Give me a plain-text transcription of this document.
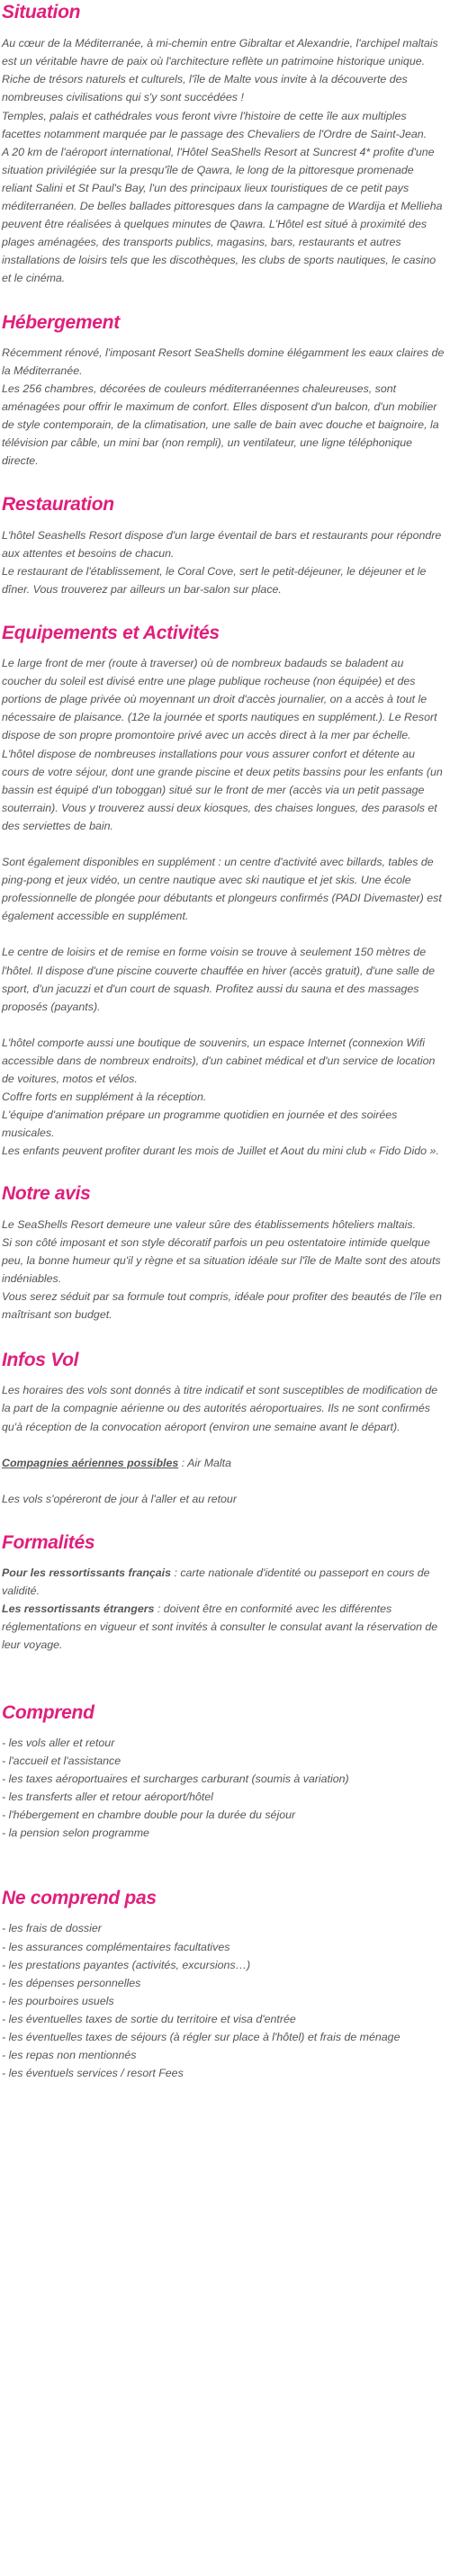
Situation

Au cœur de la Méditerranée, à mi-chemin entre Gibraltar et Alexandrie, l'archipel maltais est un véritable havre de paix où l'architecture reflète un patrimoine historique unique.

Riche de trésors naturels et culturels, l'île de Malte vous invite à la découverte des nombreuses civilisations qui s'y sont succédées !

Temples, palais et cathédrales vous feront vivre l'histoire de cette île aux multiples facettes notamment marquée par le passage des Chevaliers de l'Ordre de Saint-Jean.

A 20 km de l'aéroport international, l'Hôtel SeaShells Resort at Suncrest 4* profite d'une situation privilégiée sur la presqu'île de Qawra, le long de la pittoresque promenade reliant Salini et St Paul's Bay, l'un des principaux lieux touristiques de ce petit pays méditerranéen. De belles ballades pittoresques dans la campagne de Wardija et Mellieha peuvent être réalisées à quelques minutes de Qawra. L'Hôtel est situé à proximité des plages aménagées, des transports publics, magasins, bars, restaurants et autres installations de loisirs tels que les discothèques, les clubs de sports nautiques, le casino et le cinéma.

Hébergement

Récemment rénové, l'imposant Resort SeaShells domine élégamment les eaux claires de la Méditerranée.

Les 256 chambres, décorées de couleurs méditerranéennes chaleureuses, sont aménagées pour offrir le maximum de confort. Elles disposent d'un balcon, d'un mobilier de style contemporain, de la climatisation, une salle de bain avec douche et baignoire, la télévision par câble, un mini bar (non rempli), un ventilateur, une ligne téléphonique directe.

Restauration

L'hôtel Seashells Resort dispose d'un large éventail de bars et restaurants pour répondre aux attentes et besoins de chacun.

Le restaurant de l'établissement, le Coral Cove, sert le petit-déjeuner, le déjeuner et le dîner. Vous trouverez par ailleurs un bar-salon sur place.

Equipements et Activités

Le large front de mer (route à traverser) où de nombreux badauds se baladent au coucher du soleil est divisé entre une plage publique rocheuse (non équipée) et des portions de plage privée où moyennant un droit d'accès journalier, on a accès à tout le nécessaire de plaisance. (12e la journée et sports nautiques en supplément.). Le Resort dispose de son propre promontoire privé avec un accès direct à la mer par échelle.

L'hôtel dispose de nombreuses installations pour vous assurer confort et détente au cours de votre séjour, dont une grande piscine et deux petits bassins pour les enfants (un bassin est équipé d'un toboggan) situé sur le front de mer (accès via un petit passage souterrain). Vous y trouverez aussi deux kiosques, des chaises longues, des parasols et des serviettes de bain.

Sont également disponibles en supplément : un centre d'activité avec billards, tables de ping-pong et jeux vidéo, un centre nautique avec ski nautique et jet skis. Une école professionnelle de plongée pour débutants et plongeurs confirmés (PADI Divemaster) est également accessible en supplément.

Le centre de loisirs et de remise en forme voisin se trouve à seulement 150 mètres de l'hôtel. Il dispose d'une piscine couverte chauffée en hiver (accès gratuit), d'une salle de sport, d'un jacuzzi et d'un court de squash. Profitez aussi du sauna et des massages proposés (payants).

L'hôtel comporte aussi une boutique de souvenirs, un espace Internet (connexion Wifi accessible dans de nombreux endroits), d'un cabinet médical et d'un service de location de voitures, motos et vélos.

Coffre forts en supplément à la réception.

L'équipe d'animation prépare un programme quotidien en journée et des soirées musicales.

Les enfants peuvent profiter durant les mois de Juillet et Aout du mini club « Fido Dido ».

Notre avis

Le SeaShells Resort demeure une valeur sûre des établissements hôteliers maltais.

Si son côté imposant et son style décoratif parfois un peu ostentatoire intimide quelque peu, la bonne humeur qu'il y règne et sa situation idéale sur l'île de Malte sont des atouts indéniables.

Vous serez séduit par sa formule tout compris, idéale pour profiter des beautés de l'île en maîtrisant son budget.

Infos Vol

Les horaires des vols sont donnés à titre indicatif et sont susceptibles de modification de la part de la compagnie aérienne ou des autorités aéroportuaires. Ils ne sont confirmés qu'à réception de la convocation aéroport (environ une semaine avant le départ).

Compagnies aériennes possibles : Air Malta

Les vols s'opéreront de jour à l'aller et au retour

Formalités

Pour les ressortissants français : carte nationale d'identité ou passeport en cours de validité.

Les ressortissants étrangers : doivent être en conformité avec les différentes réglementations en vigueur et sont invités à consulter le consulat avant la réservation de leur voyage.

Comprend
- les vols aller et retour
- l'accueil et l'assistance
- les taxes aéroportuaires et surcharges carburant (soumis à variation)
- les transferts aller et retour aéroport/hôtel
- l'hébergement en chambre double pour la durée du séjour
- la pension selon programme
Ne comprend pas
- les frais de dossier
- les assurances complémentaires facultatives
- les prestations payantes (activités, excursions…)
- les dépenses personnelles
- les pourboires usuels
- les éventuelles taxes de sortie du territoire et visa d'entrée
- les éventuelles taxes de séjours (à régler sur place à l'hôtel) et frais de ménage
- les repas non mentionnés
- les éventuels services / resort Fees
